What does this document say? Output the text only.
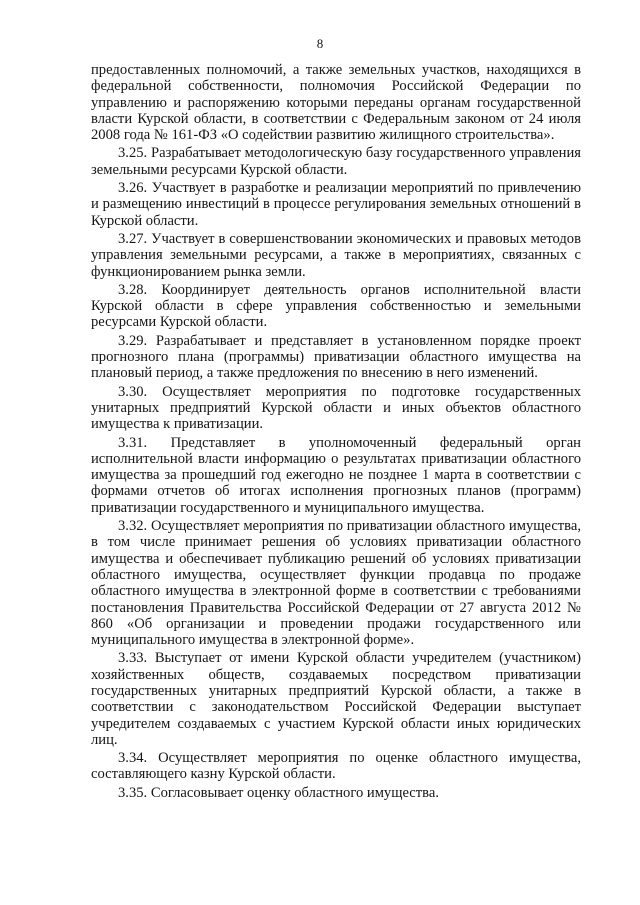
8

предоставленных полномочий, а также земельных участков, находящихся в федеральной собственности, полномочия Российской Федерации по управлению и распоряжению которыми переданы органам государственной власти Курской области, в соответствии с Федеральным законом от 24 июля 2008 года № 161-ФЗ «О содействии развитию жилищного строительства».

3.25. Разрабатывает методологическую базу государственного управления земельными ресурсами Курской области.

3.26. Участвует в разработке и реализации мероприятий по привлечению и размещению инвестиций в процессе регулирования земельных отношений в Курской области.

3.27. Участвует в совершенствовании экономических и правовых методов управления земельными ресурсами, а также в мероприятиях, связанных с функционированием рынка земли.

3.28. Координирует деятельность органов исполнительной власти Курской области в сфере управления собственностью и земельными ресурсами Курской области.

3.29. Разрабатывает и представляет в установленном порядке проект прогнозного плана (программы) приватизации областного имущества на плановый период, а также предложения по внесению в него изменений.

3.30. Осуществляет мероприятия по подготовке государственных унитарных предприятий Курской области и иных объектов областного имущества к приватизации.

3.31. Представляет в уполномоченный федеральный орган исполнительной власти информацию о результатах приватизации областного имущества за прошедший год ежегодно не позднее 1 марта в соответствии с формами отчетов об итогах исполнения прогнозных планов (программ) приватизации государственного и муниципального имущества.

3.32. Осуществляет мероприятия по приватизации областного имущества, в том числе принимает решения об условиях приватизации областного имущества и обеспечивает публикацию решений об условиях приватизации областного имущества, осуществляет функции продавца по продаже областного имущества в электронной форме в соответствии с требованиями постановления Правительства Российской Федерации от 27 августа 2012 № 860 «Об организации и проведении продажи государственного или муниципального имущества в электронной форме».

3.33. Выступает от имени Курской области учредителем (участником) хозяйственных обществ, создаваемых посредством приватизации государственных унитарных предприятий Курской области, а также в соответствии с законодательством Российской Федерации выступает учредителем создаваемых с участием Курской области иных юридических лиц.

3.34. Осуществляет мероприятия по оценке областного имущества, составляющего казну Курской области.

3.35. Согласовывает оценку областного имущества.
